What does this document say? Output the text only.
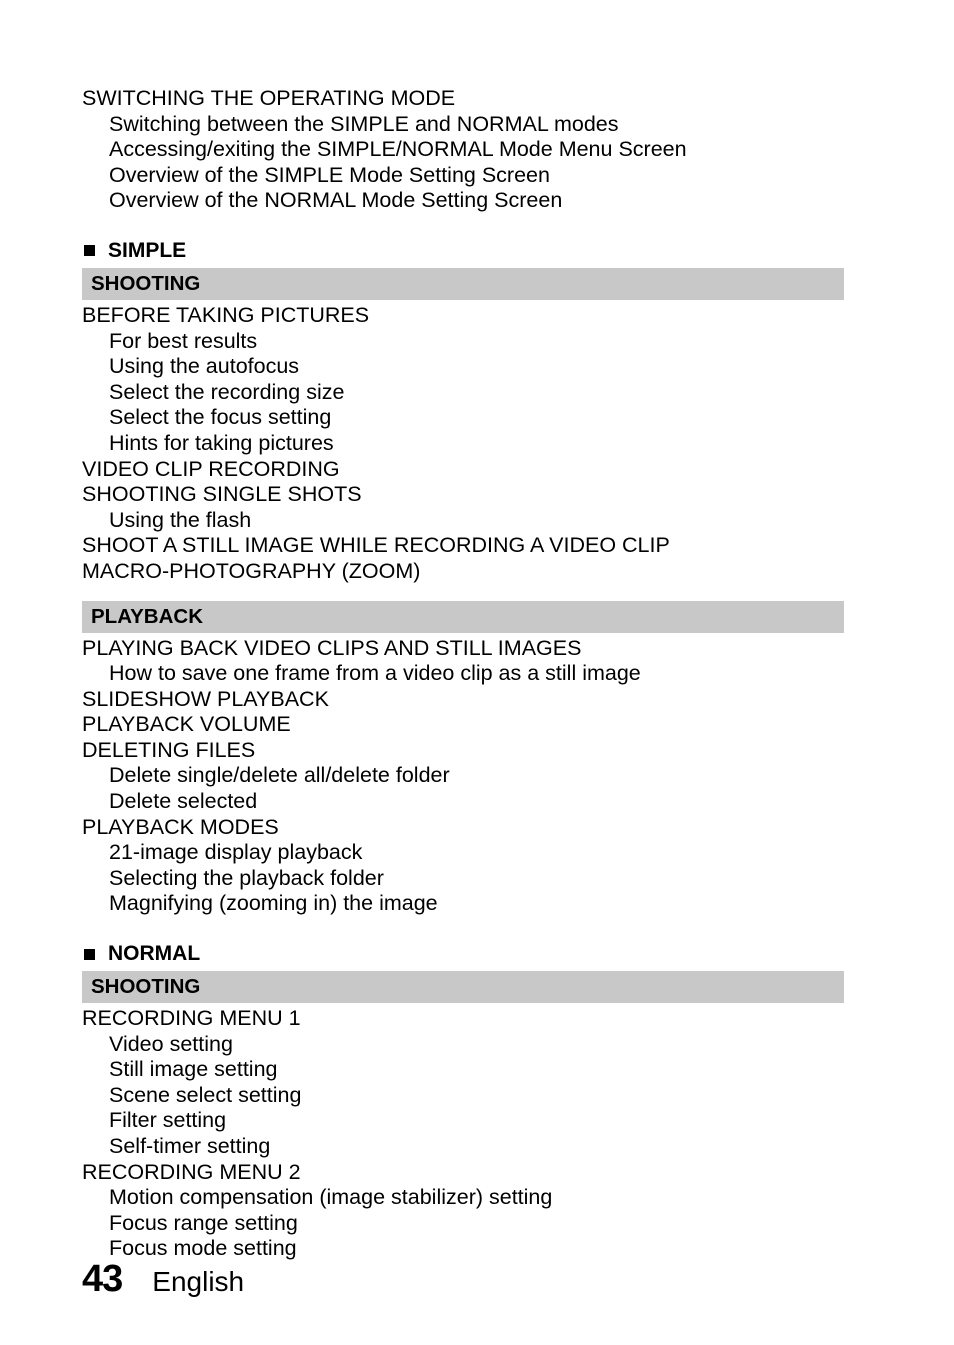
SWITCHING THE OPERATING MODE
Switching between the SIMPLE and NORMAL modes
Accessing/exiting the SIMPLE/NORMAL Mode Menu Screen
Overview of the SIMPLE Mode Setting Screen
Overview of the NORMAL Mode Setting Screen
SIMPLE
SHOOTING
BEFORE TAKING PICTURES
For best results
Using the autofocus
Select the recording size
Select the focus setting
Hints for taking pictures
VIDEO CLIP RECORDING
SHOOTING SINGLE SHOTS
Using the flash
SHOOT A STILL IMAGE WHILE RECORDING A VIDEO CLIP
MACRO-PHOTOGRAPHY (ZOOM)
PLAYBACK
PLAYING BACK VIDEO CLIPS AND STILL IMAGES
How to save one frame from a video clip as a still image
SLIDESHOW PLAYBACK
PLAYBACK VOLUME
DELETING FILES
Delete single/delete all/delete folder
Delete selected
PLAYBACK MODES
21-image display playback
Selecting the playback folder
Magnifying (zooming in) the image
NORMAL
SHOOTING
RECORDING MENU 1
Video setting
Still image setting
Scene select setting
Filter setting
Self-timer setting
RECORDING MENU 2
Motion compensation (image stabilizer) setting
Focus range setting
Focus mode setting
43 English
